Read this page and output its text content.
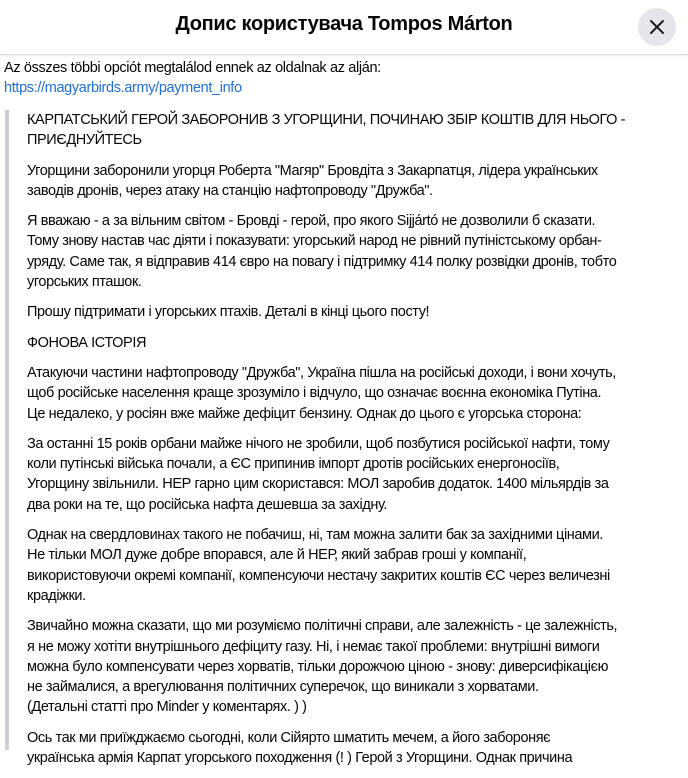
Допис користувача Tompos Márton
Az összes többi opciót megtalálod ennek az oldalnak az alján:
https://magyarbirds.army/payment_info
КАРПАТСЬКИЙ ГЕРОЙ ЗАБОРОНИВ З УГОРЩИНИ, ПОЧИНАЮ ЗБІР КОШТІВ ДЛЯ НЬОГО -
ПРИЄДНУЙТЕСЬ
Угорщини заборонили угорця Роберта "Магяр" Бровдіта з Закарпатця, лідера українських
заводів дронів, через атаку на станцію нафтопроводу "Дружба".
Я вважаю - а за вільним світом - Бровді - герой, про якого Sijjártó не дозволили б сказати.
Тому знову настав час діяти і показувати: угорський народ не рівний путіністському орбан-
уряду. Саме так, я відправив 414 євро на повагу і підтримку 414 полку розвідки дронів, тобто
угорських пташок.
Прошу підтримати і угорських птахів. Деталі в кінці цього посту!
ФОНОВА ІСТОРІЯ
Атакуючи частини нафтопроводу "Дружба", Україна пішла на російські доходи, і вони хочуть,
щоб російське населення краще зрозуміло і відчуло, що означає воєнна економіка Путіна.
Це недалеко, у росіян вже майже дефіцит бензину. Однак до цього є угорська сторона:
За останні 15 років орбани майже нічого не зробили, щоб позбутися російської нафти, тому
коли путінські війська почали, а ЄС припинив імпорт дротів російських енергоносіїв,
Угорщину звільнили. НЕР гарно цим скористався: МОЛ заробив додаток. 1400 мільярдів за
два роки на те, що російська нафта дешевша за західну.
Однак на свердловинах такого не побачиш, ні, там можна залити бак за західними цінами.
Не тільки МОЛ дуже добре впорався, але й НЕР, який забрав гроші у компанії,
використовуючи окремі компанії, компенсуючи нестачу закритих коштів ЄС через величезні
крадіжки.
Звичайно можна сказати, що ми розуміємо політичні справи, але залежність - це залежність,
я не можу хотіти внутрішнього дефіциту газу. Ні, і немає такої проблеми: внутрішні вимоги
можна було компенсувати через хорватів, тільки дорожчою ціною - знову: диверсифікацією
не займалися, а врегулювання політичних суперечок, що виникали з хорватами.
(Детальні статті про Minder у коментарях. ) )
Ось так ми приїжджаємо сьогодні, коли Сійярто шматить мечем, а його забороняє
українська армія Карпат угорського походження (! ) Герой з Угорщини. Однак причина
